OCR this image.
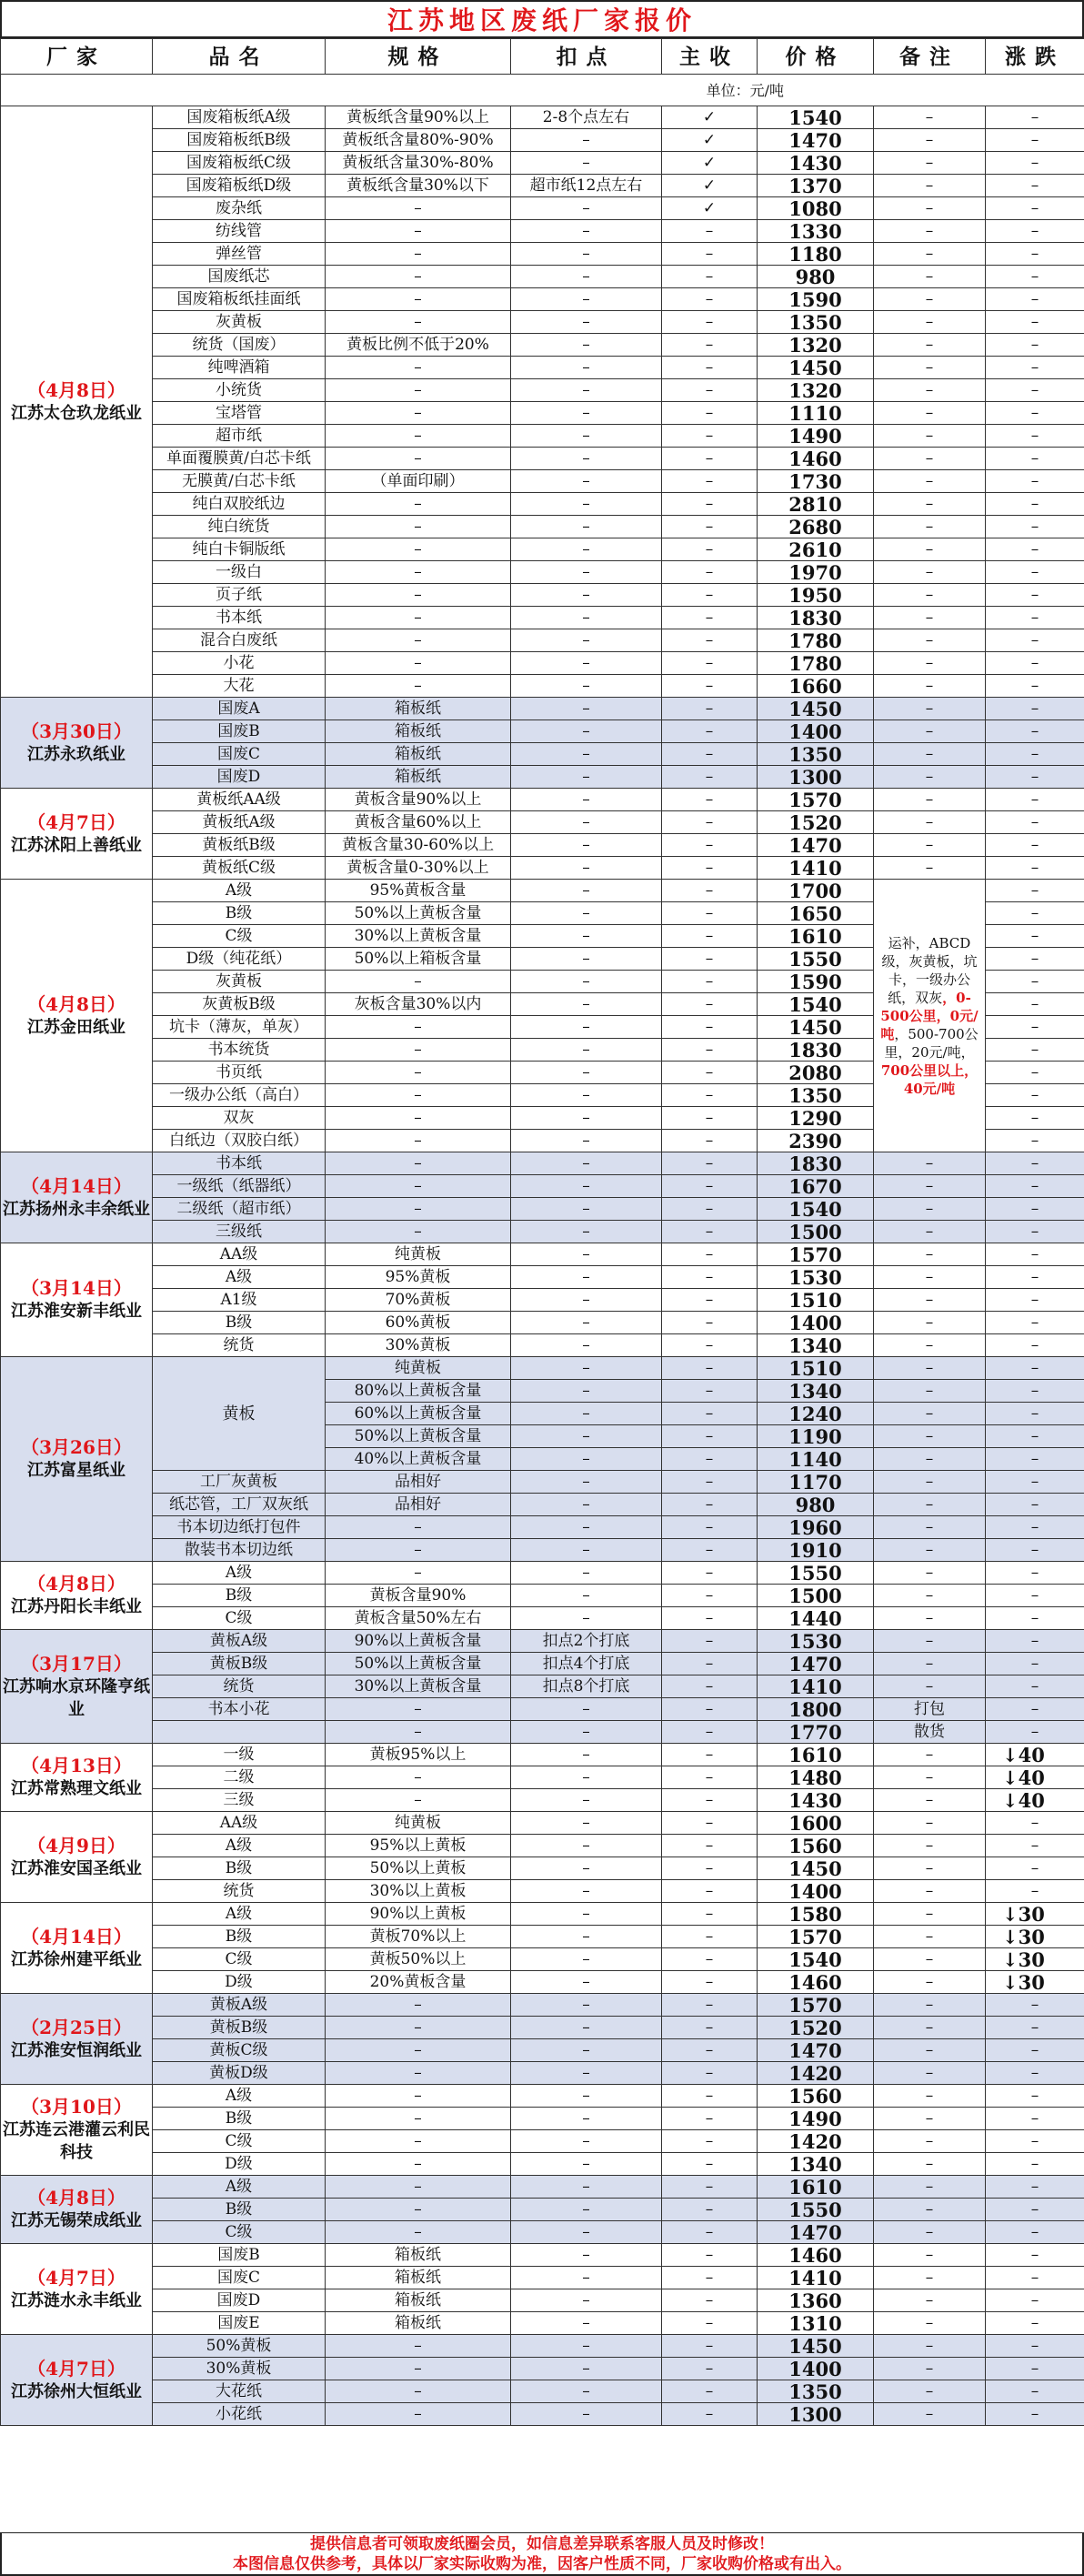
江苏地区废纸厂家报价
厂家	品名	规格	扣点	主收	价格	备注	涨跌
单位：元/吨							

（4月8日）
江苏太仓玖龙纸业	国废箱板纸A级	黄板纸含量90%以上	2-8个点左右	✓	1540	–	–
	国废箱板纸B级	黄板纸含量80%-90%	–	✓	1470	–	–
	国废箱板纸C级	黄板纸含量30%-80%	–	✓	1430	–	–
	国废箱板纸D级	黄板纸含量30%以下	超市纸12点左右	✓	1370	–	–
	废杂纸	–	–	✓	1080	–	–
	纺线管	–	–	–	1330	–	–
	弹丝管	–	–	–	1180	–	–
	国废纸芯	–	–	–	980	–	–
	国废箱板纸挂面纸	–	–	–	1590	–	–
	灰黄板	–	–	–	1350	–	–
	统货（国废）	黄板比例不低于20%	–	–	1320	–	–
	纯啤酒箱	–	–	–	1450	–	–
	小统货	–	–	–	1320	–	–
	宝塔管	–	–	–	1110	–	–
	超市纸	–	–	–	1490	–	–
	单面覆膜黄/白芯卡纸	–	–	–	1460	–	–
	无膜黄/白芯卡纸	（单面印刷）	–	–	1730	–	–
	纯白双胶纸边	–	–	–	2810	–	–
	纯白统货	–	–	–	2680	–	–
	纯白卡铜版纸	–	–	–	2610	–	–
	一级白	–	–	–	1970	–	–
	页子纸	–	–	–	1950	–	–
	书本纸	–	–	–	1830	–	–
	混合白废纸	–	–	–	1780	–	–
	小花	–	–	–	1780	–	–
	大花	–	–	–	1660	–	–

（3月30日）
江苏永玖纸业	国废A	箱板纸	–	–	1450	–	–
	国废B	箱板纸	–	–	1400	–	–
	国废C	箱板纸	–	–	1350	–	–
	国废D	箱板纸	–	–	1300	–	–

（4月7日）
江苏沭阳上善纸业	黄板纸AA级	黄板含量90%以上	–	–	1570	–	–
	黄板纸A级	黄板含量60%以上	–	–	1520	–	–
	黄板纸B级	黄板含量30-60%以上	–	–	1470	–	–
	黄板纸C级	黄板含量0-30%以上	–	–	1410	–	–

（4月8日）
江苏金田纸业	A级	95%黄板含量	–	–	1700	运补，ABCD级，灰黄板，坑卡，一级办公纸，双灰，0-500公里，0元/吨，500-700公里，20元/吨，700公里以上，40元/吨	–
	B级	50%以上黄板含量	–	–	1650		–
	C级	30%以上黄板含量	–	–	1610		–
	D级（纯花纸）	50%以上箱板含量	–	–	1550		–
	灰黄板	–	–	–	1590		–
	灰黄板B级	灰板含量30%以内	–	–	1540		–
	坑卡（薄灰，单灰）	–	–	–	1450		–
	书本统货	–	–	–	1830		–
	书页纸	–	–	–	2080		–
	一级办公纸（高白）	–	–	–	1350		–
	双灰	–	–	–	1290		–
	白纸边（双胶白纸）	–	–	–	2390		–

（4月14日）
江苏扬州永丰余纸业	书本纸	–	–	–	1830	–	–
	一级纸（纸器纸）	–	–	–	1670	–	–
	二级纸（超市纸）	–	–	–	1540	–	–
	三级纸	–	–	–	1500	–	–

（3月14日）
江苏淮安新丰纸业	AA级	纯黄板	–	–	1570	–	–
	A级	95%黄板	–	–	1530	–	–
	A1级	70%黄板	–	–	1510	–	–
	B级	60%黄板	–	–	1400	–	–
	统货	30%黄板	–	–	1340	–	–

（3月26日）
江苏富星纸业	黄板	纯黄板	–	–	1510	–	–
		80%以上黄板含量	–	–	1340	–	–
		60%以上黄板含量	–	–	1240	–	–
		50%以上黄板含量	–	–	1190	–	–
		40%以上黄板含量	–	–	1140	–	–
	工厂灰黄板	品相好	–	–	1170	–	–
	纸芯管，工厂双灰纸	品相好	–	–	980	–	–
	书本切边纸打包件	–	–	–	1960	–	–
	散装书本切边纸	–	–	–	1910	–	–

（4月8日）
江苏丹阳长丰纸业	A级	–	–	–	1550	–	–
	B级	黄板含量90%	–	–	1500	–	–
	C级	黄板含量50%左右	–	–	1440	–	–

（3月17日）
江苏响水京环隆亨纸业	黄板A级	90%以上黄板含量	扣点2个打底	–	1530	–	–
	黄板B级	50%以上黄板含量	扣点4个打底	–	1470	–	–
	统货	30%以上黄板含量	扣点8个打底	–	1410	–	–
	书本小花	–	–	–	1800	打包	–
		–	–	–	1770	散货	–

（4月13日）
江苏常熟理文纸业	一级	黄板95%以上	–	–	1610	–	↓40
	二级	–	–	–	1480	–	↓40
	三级	–	–	–	1430	–	↓40

（4月9日）
江苏淮安国圣纸业	AA级	纯黄板	–	–	1600	–	–
	A级	95%以上黄板	–	–	1560	–	–
	B级	50%以上黄板	–	–	1450	–	–
	统货	30%以上黄板	–	–	1400	–	–

（4月14日）
江苏徐州建平纸业	A级	90%以上黄板	–	–	1580	–	↓30
	B级	黄板70%以上	–	–	1570	–	↓30
	C级	黄板50%以上	–	–	1540	–	↓30
	D级	20%黄板含量	–	–	1460	–	↓30

（2月25日）
江苏淮安恒润纸业	黄板A级	–	–	–	1570	–	–
	黄板B级	–	–	–	1520	–	–
	黄板C级	–	–	–	1470	–	–
	黄板D级	–	–	–	1420	–	–

（3月10日）
江苏连云港灌云利民科技	A级	–	–	–	1560	–	–
	B级	–	–	–	1490	–	–
	C级	–	–	–	1420	–	–
	D级	–	–	–	1340	–	–

（4月8日）
江苏无锡荣成纸业	A级	–	–	–	1610	–	–
	B级	–	–	–	1550	–	–
	C级	–	–	–	1470	–	–

（4月7日）
江苏涟水永丰纸业	国废B	箱板纸	–	–	1460	–	–
	国废C	箱板纸	–	–	1410	–	–
	国废D	箱板纸	–	–	1360	–	–
	国废E	箱板纸	–	–	1310	–	–

（4月7日）
江苏徐州大恒纸业	50%黄板	–	–	–	1450	–	–
	30%黄板	–	–	–	1400	–	–
	大花纸	–	–	–	1350	–	–
	小花纸	–	–	–	1300	–	–
提供信息者可领取废纸圈会员，如信息差异联系客服人员及时修改！
本图信息仅供参考，具体以厂家实际收购为准，因客户性质不同，厂家收购价格或有出入。
